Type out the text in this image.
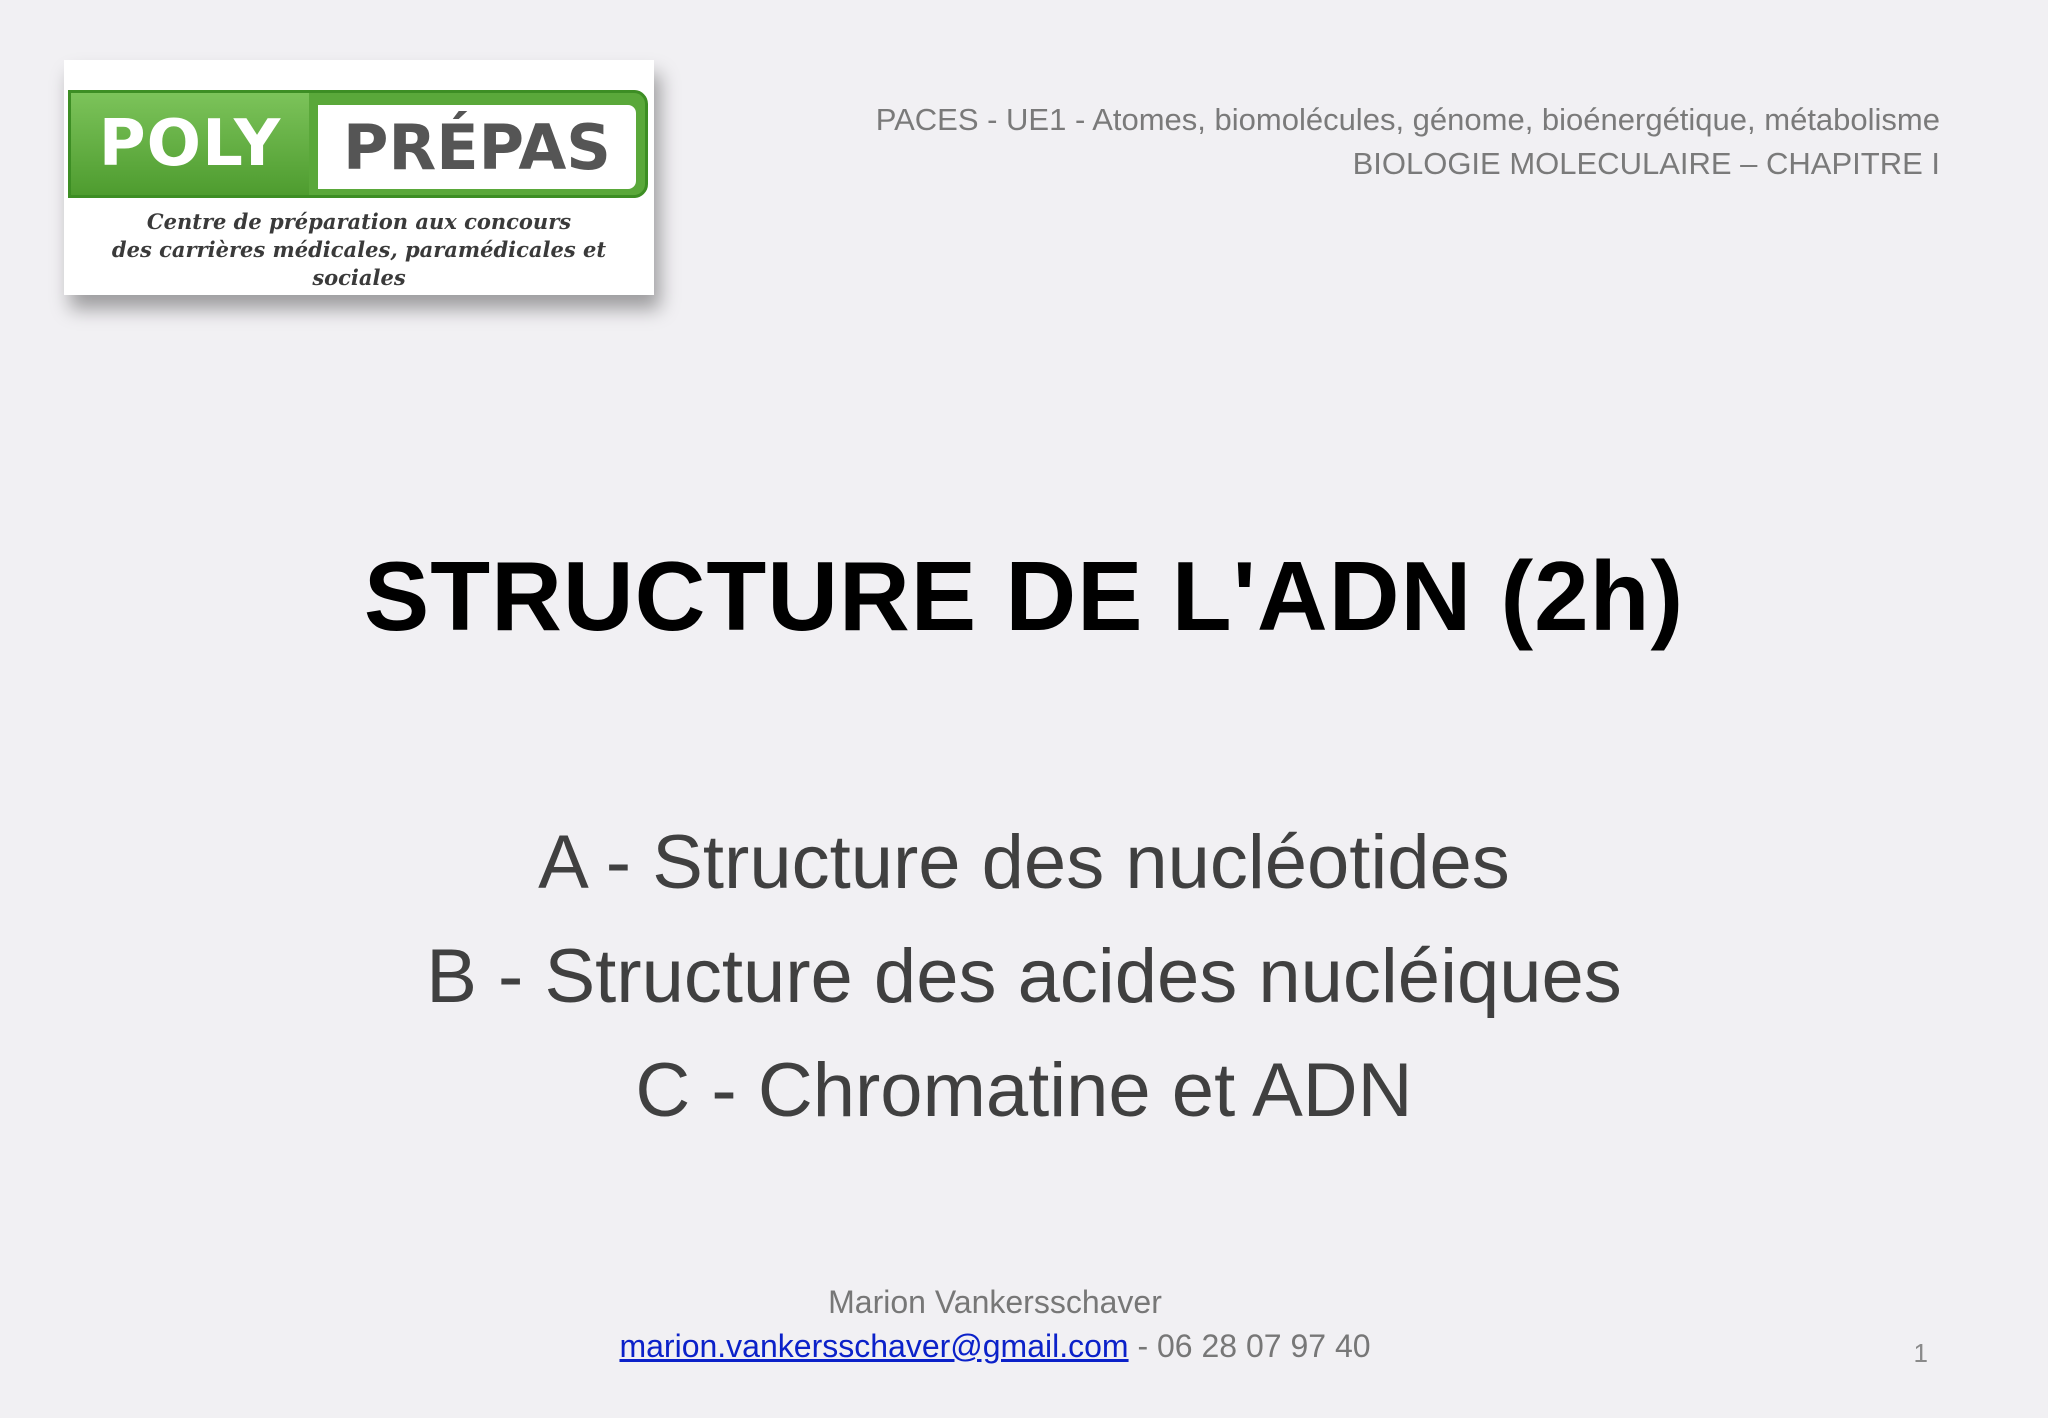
POLY PRÉPAS
Centre de préparation aux concours
des carrières médicales, paramédicales et sociales
PACES - UE1 - Atomes, biomolécules, génome, bioénergétique, métabolisme
BIOLOGIE MOLECULAIRE – CHAPITRE I
STRUCTURE DE L'ADN (2h)
A - Structure des nucléotides
B - Structure des acides nucléiques
C - Chromatine et ADN
Marion Vankersschaver
marion.vankersschaver@gmail.com - 06 28 07 97 40	1
